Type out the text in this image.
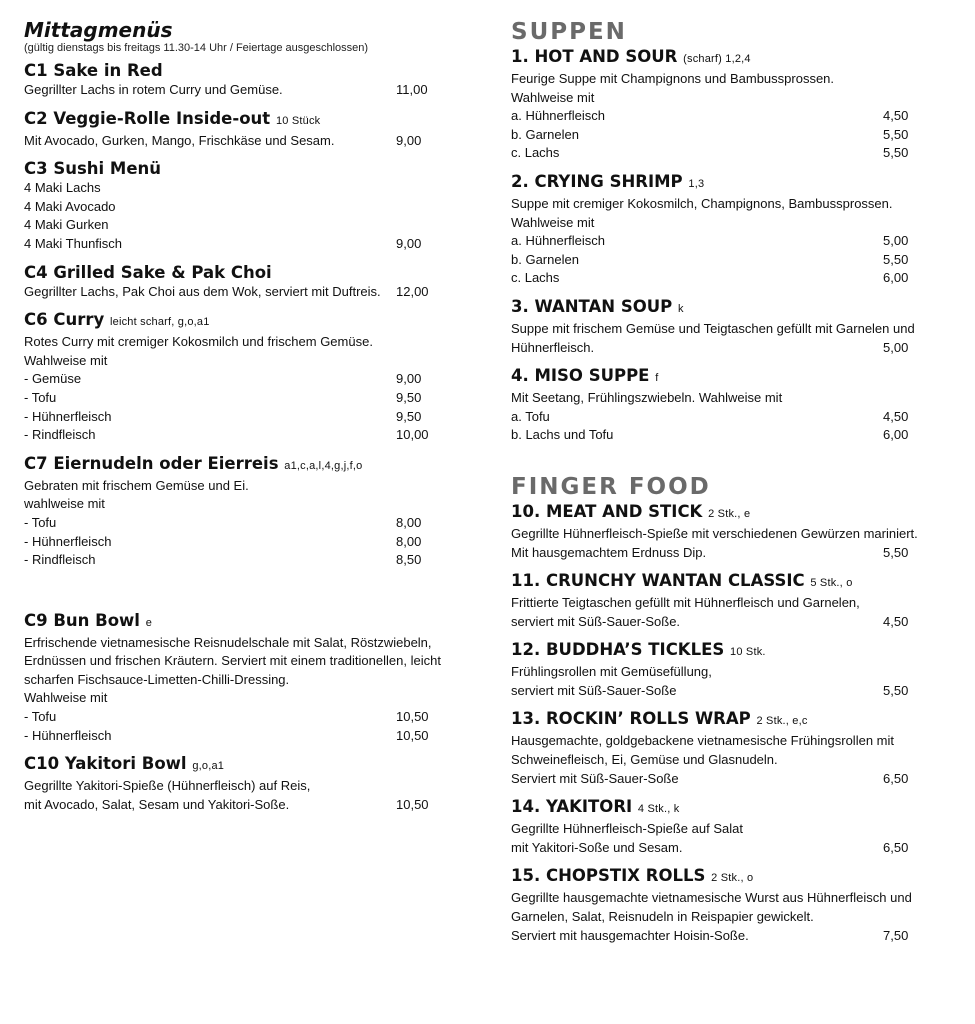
Mittagmenüs
(gültig dienstags bis freitags 11.30-14 Uhr / Feiertage ausgeschlossen)
C1 Sake in Red
Gegrillter Lachs in rotem Curry und Gemüse.	11,00
C2 Veggie-Rolle Inside-out 10 Stück
Mit Avocado, Gurken, Mango, Frischkäse und Sesam.	9,00
C3 Sushi Menü
4 Maki Lachs
4 Maki Avocado
4 Maki Gurken
4 Maki Thunfisch	9,00
C4 Grilled Sake & Pak Choi
Gegrillter Lachs, Pak Choi aus dem Wok, serviert mit Duftreis. 12,00
C6 Curry leicht scharf, g,o,a1
Rotes Curry mit cremiger Kokosmilch und frischem Gemüse.
Wahlweise mit
- Gemüse	9,00
- Tofu	9,50
- Hühnerfleisch	9,50
- Rindfleisch	10,00
C7 Eiernudeln oder Eierreis a1,c,a,l,4,g,j,f,o
Gebraten mit frischem Gemüse und Ei.
wahlweise mit
- Tofu	8,00
- Hühnerfleisch	8,00
- Rindfleisch	8,50
C9 Bun Bowl e
Erfrischende vietnamesische Reisnudelschale mit Salat, Röstzwiebeln,
Erdnüssen und frischen Kräutern. Serviert mit einem traditionellen, leicht
scharfen Fischsauce-Limetten-Chilli-Dressing.
Wahlweise mit
- Tofu	10,50
- Hühnerfleisch	10,50
C10 Yakitori Bowl g,o,a1
Gegrillte Yakitori-Spieße (Hühnerfleisch) auf Reis,
mit Avocado, Salat, Sesam und Yakitori-Soße.	10,50
SUPPEN
1. HOT AND SOUR (scharf) 1,2,4
Feurige Suppe mit Champignons und Bambussprossen.
Wahlweise mit
a. Hühnerfleisch	4,50
b. Garnelen	5,50
c. Lachs	5,50
2. CRYING SHRIMP 1,3
Suppe mit cremiger Kokosmilch, Champignons, Bambussprossen.
Wahlweise mit
a. Hühnerfleisch	5,00
b. Garnelen	5,50
c. Lachs	6,00
3. WANTAN SOUP k
Suppe mit frischem Gemüse und Teigtaschen gefüllt mit Garnelen und
Hühnerfleisch.	5,00
4. MISO SUPPE f
Mit Seetang, Frühlingszwiebeln. Wahlweise mit
a. Tofu	4,50
b. Lachs und Tofu	6,00
FINGER FOOD
10. MEAT AND STICK 2 Stk., e
Gegrillte Hühnerfleisch-Spieße mit verschiedenen Gewürzen mariniert.
Mit hausgemachtem Erdnuss Dip.	5,50
11. CRUNCHY WANTAN CLASSIC 5 Stk., o
Frittierte Teigtaschen gefüllt mit Hühnerfleisch und Garnelen,
serviert mit Süß-Sauer-Soße.	4,50
12. BUDDHA’S TICKLES 10 Stk.
Frühlingsrollen mit Gemüsefüllung,
serviert mit Süß-Sauer-Soße	5,50
13. ROCKIN’ ROLLS WRAP 2 Stk., e,c
Hausgemachte, goldgebackene vietnamesische Frühingsrollen mit
Schweinefleisch, Ei, Gemüse und Glasnudeln.
Serviert mit Süß-Sauer-Soße	6,50
14. YAKITORI 4 Stk., k
Gegrillte Hühnerfleisch-Spieße auf Salat
mit Yakitori-Soße und Sesam.	6,50
15. CHOPSTIX ROLLS 2 Stk., o
Gegrillte hausgemachte vietnamesische Wurst aus Hühnerfleisch und
Garnelen, Salat, Reisnudeln in Reispapier gewickelt.
Serviert mit hausgemachter Hoisin-Soße.	7,50
